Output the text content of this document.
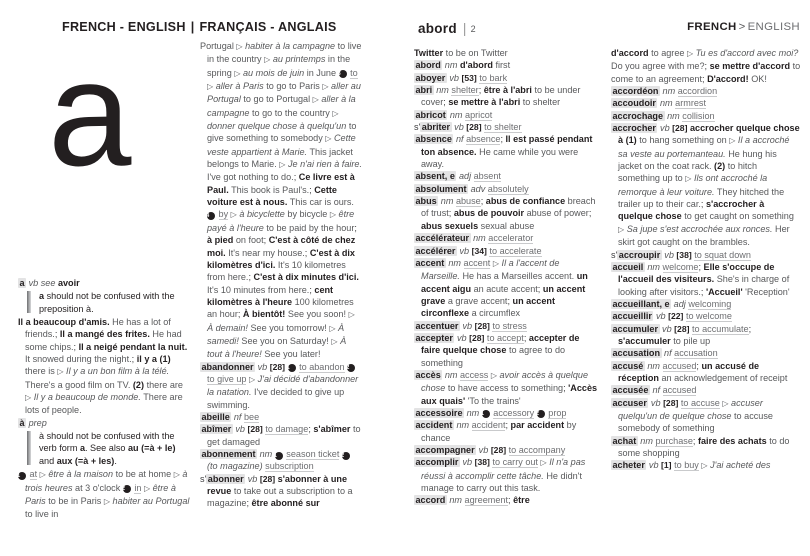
FRENCH - ENGLISH | FRANÇAIS - ANGLAIS	abord | 2	FRENCH > ENGLISH
a
a vb see avoir
a should not be confused with the preposition à.
Il a beaucoup d'amis. He has a lot of friends.; Il a mangé des frites. He had some chips.; Il a neigé pendant la nuit. It snowed during the night.; il y a (1) there is ▷ Il y a un bon film à la télé. There's a good film on TV. (2) there are ▷ Il y a beaucoup de monde. There are lots of people.
à prep
à should not be confused with the verb form a. See also au (=à + le) and aux (=à + les).
1 at ▷ être à la maison to be at home ▷ à trois heures at 3 o'clock 2 in ▷ être à Paris to be in Paris ▷ habiter au Portugal to live in
Portugal ▷ habiter à la campagne to live in the country ▷ au printemps in the spring ▷ au mois de juin in June 3 to ▷ aller à Paris to go to Paris ▷ aller au Portugal to go to Portugal ▷ aller à la campagne to go to the country ▷ donner quelque chose à quelqu'un to give something to somebody ▷ Cette veste appartient à Marie. This jacket belongs to Marie. ▷ Je n'ai rien à faire. I've got nothing to do.; Ce livre est à Paul. This book is Paul's.; Cette voiture est à nous. This car is ours. 4 by ▷ à bicyclette by bicycle ▷ être payé à l'heure to be paid by the hour; à pied on foot; C'est à côté de chez moi. It's near my house.; C'est à dix kilomètres d'ici. It's 10 kilometres from here.; C'est à dix minutes d'ici. It's 10 minutes from here.; cent kilomètres à l'heure 100 kilometres an hour; À bientôt! See you soon! ▷ À demain! See you tomorrow! ▷ À samedi! See you on Saturday! ▷ À tout à l'heure! See you later!
abandonner vb [28] 1 to abandon 2 to give up ▷ J'ai décidé d'abandonner la natation. I've decided to give up swimming.
abeille nf bee
abîmer vb [28] to damage; s'abîmer to get damaged
abonnement nm 1 season ticket 2 (to magazine) subscription
s' abonner vb [28] s'abonner à une revue to take out a subscription to a magazine; être abonné sur
Twitter to be on Twitter
abord nm d'abord first
aboyer vb [53] to bark
abri nm shelter; être à l'abri to be under cover; se mettre à l'abri to shelter
abricot nm apricot
s' abriter vb [28] to shelter
absence nf absence; Il est passé pendant ton absence. He came while you were away.
absent, e adj absent
absolument adv absolutely
abus nm abuse; abus de confiance breach of trust; abus de pouvoir abuse of power; abus sexuels sexual abuse
accélérateur nm accelerator
accélérer vb [34] to accelerate
accent nm accent ▷ Il a l'accent de Marseille. He has a Marseilles accent. un accent aigu an acute accent; un accent grave a grave accent; un accent circonflexe a circumflex
accentuer vb [28] to stress
accepter vb [28] to accept; accepter de faire quelque chose to agree to do something
accès nm access ▷ avoir accès à quelque chose to have access to something; 'Accès aux quais' 'To the trains'
accessoire nm 1 accessory 2 prop
accident nm accident; par accident by chance
accompagner vb [28] to accompany
accomplir vb [38] to carry out ▷ Il n'a pas réussi à accomplir cette tâche. He didn't manage to carry out this task.
accord nm agreement; être
d'accord to agree ▷ Tu es d'accord avec moi? Do you agree with me?; se mettre d'accord to come to an agreement; D'accord! OK!
accordéon nm accordion
accoudoir nm armrest
accrochage nm collision
accrocher vb [28] accrocher quelque chose à (1) to hang something on ▷ Il a accroché sa veste au portemanteau. He hung his jacket on the coat rack. (2) to hitch something up to ▷ Ils ont accroché la remorque à leur voiture. They hitched the trailer up to their car.; s'accrocher à quelque chose to get caught on something ▷ Sa jupe s'est accrochée aux ronces. Her skirt got caught on the brambles.
s' accroupir vb [38] to squat down
accueil nm welcome; Elle s'occupe de l'accueil des visiteurs. She's in charge of looking after visitors.; 'Accueil' 'Reception'
accueillant, e adj welcoming
accueillir vb [22] to welcome
accumuler vb [28] to accumulate; s'accumuler to pile up
accusation nf accusation
accusé nm accused; un accusé de réception an acknowledgement of receipt
accusée nf accused
accuser vb [28] to accuse ▷ accuser quelqu'un de quelque chose to accuse somebody of something
achat nm purchase; faire des achats to do some shopping
acheter vb [1] to buy ▷ J'ai acheté des
